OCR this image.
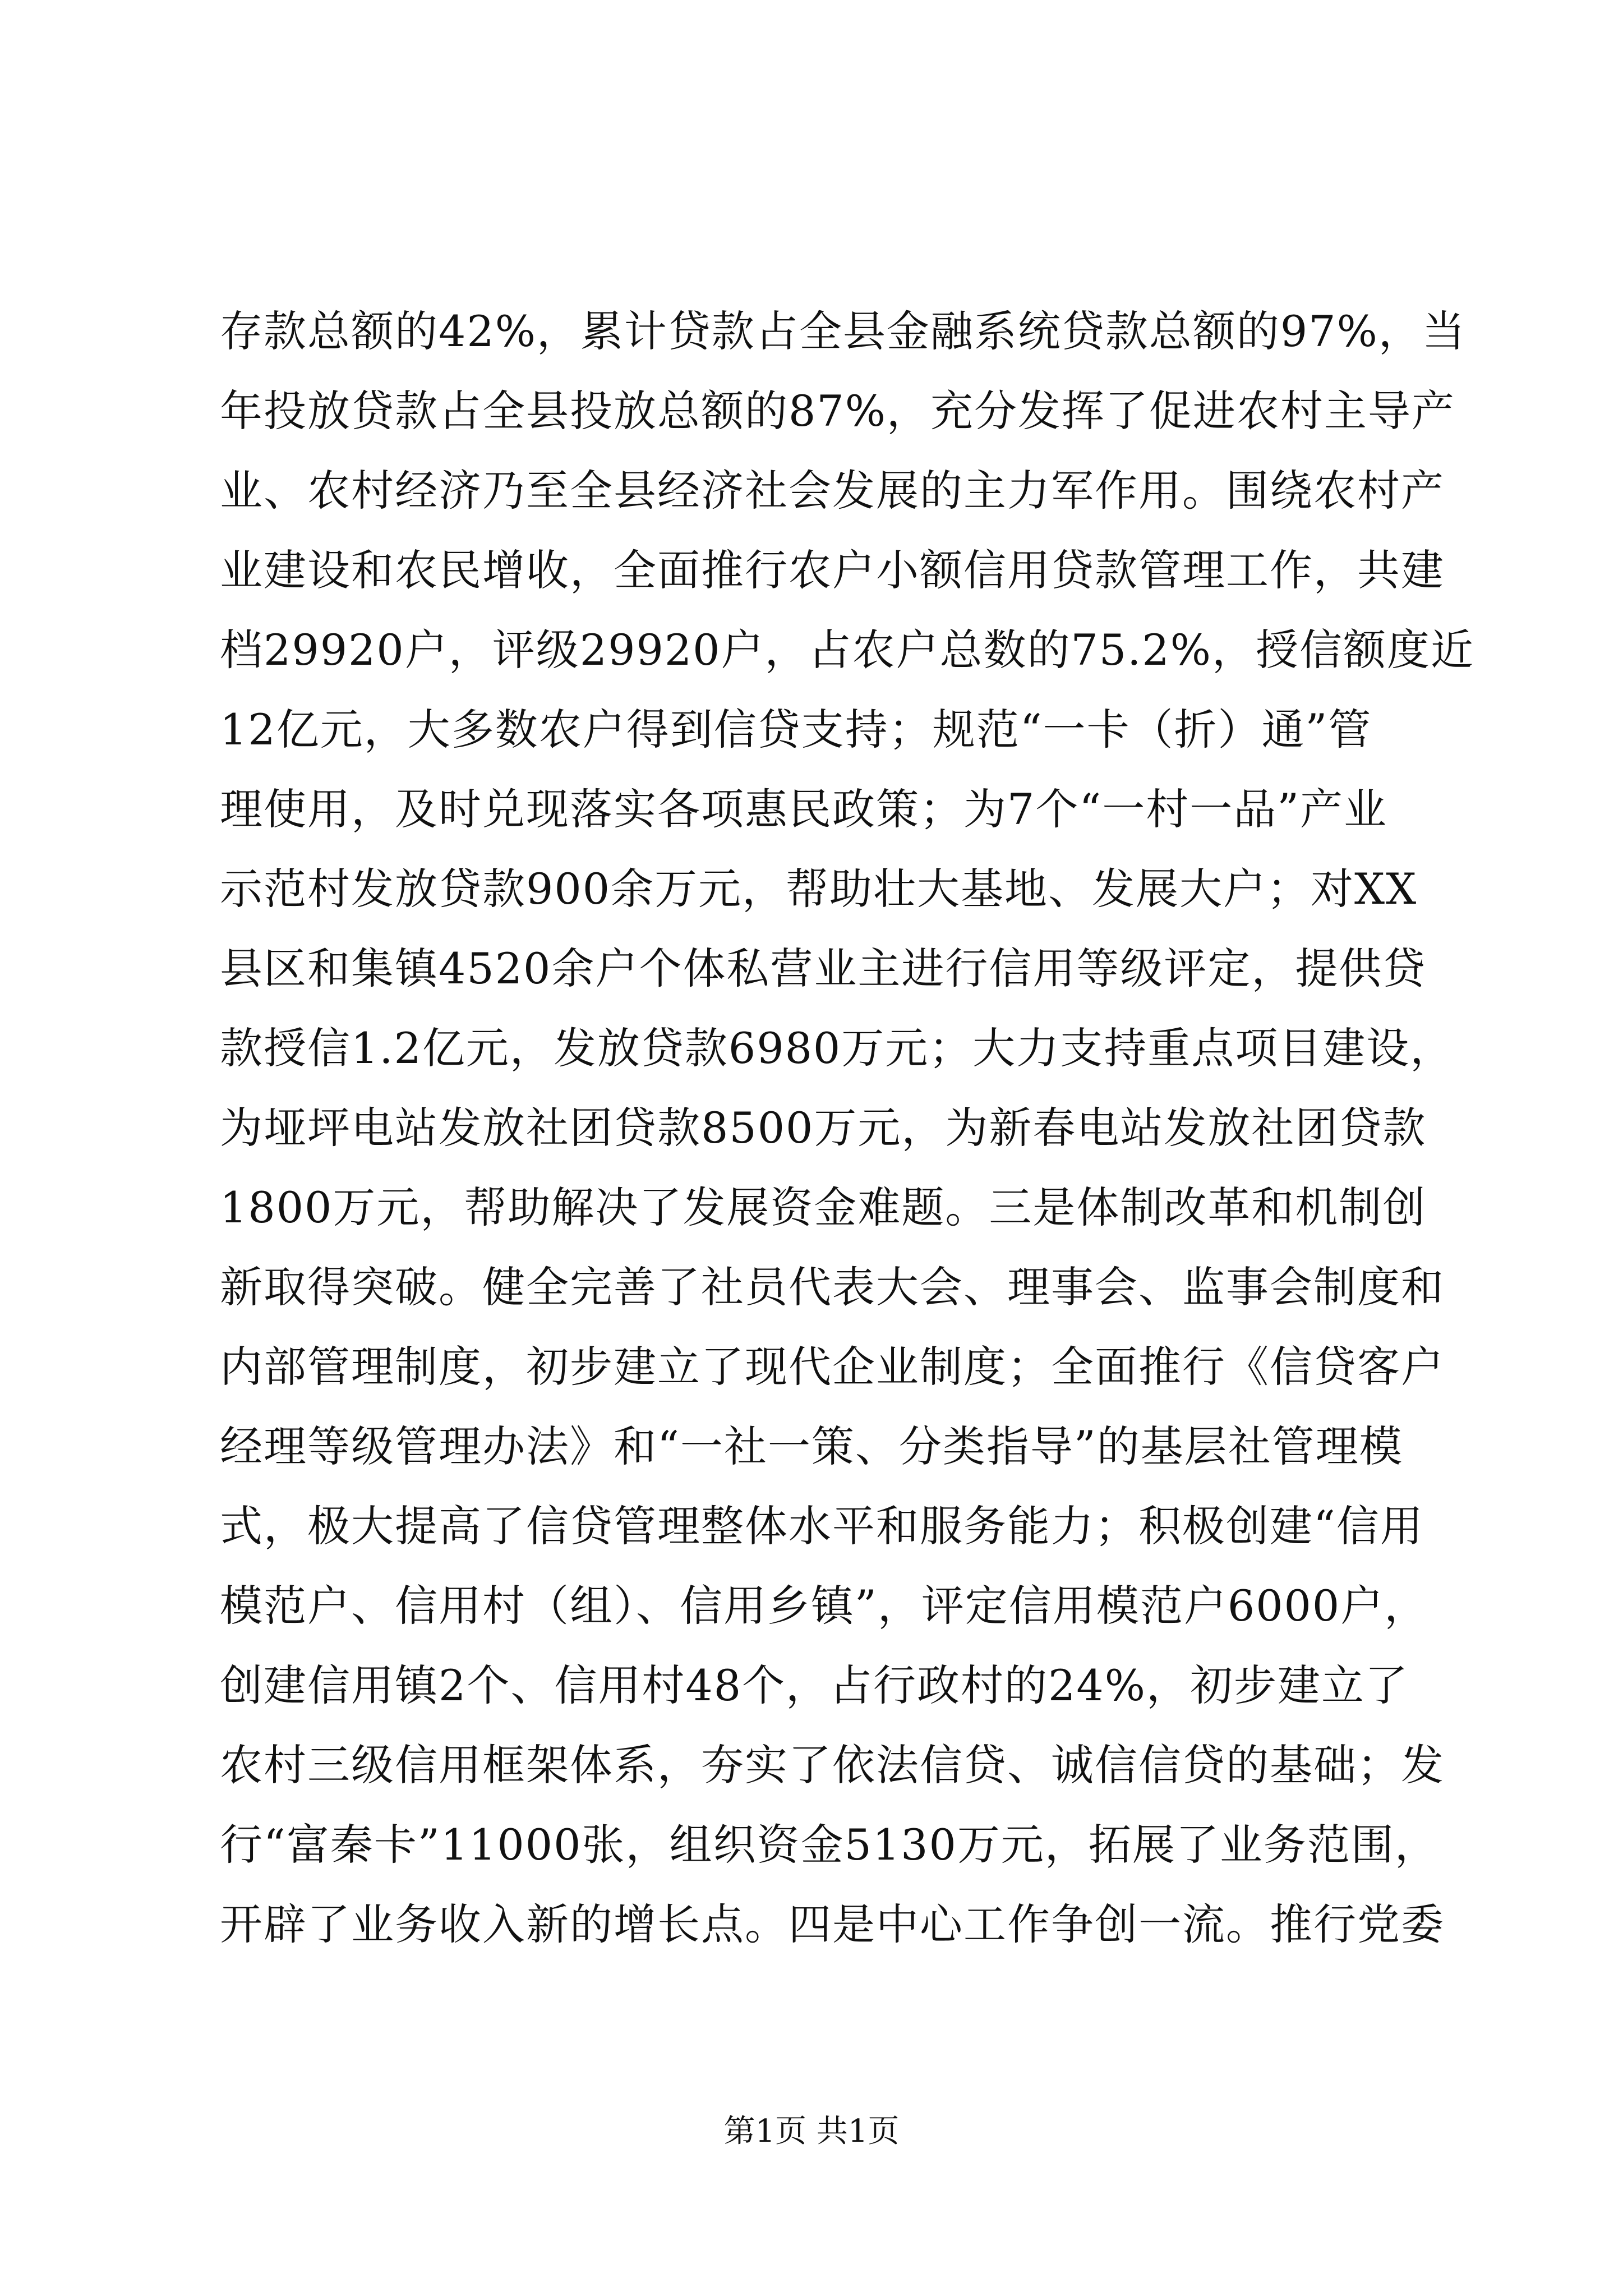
存款总额的42%，累计贷款占全县金融系统贷款总额的97%，当
年投放贷款占全县投放总额的87%，充分发挥了促进农村主导产
业、农村经济乃至全县经济社会发展的主力军作用。围绕农村产
业建设和农民增收，全面推行农户小额信用贷款管理工作，共建
档29920户，评级29920户，占农户总数的75.2%，授信额度近
12亿元，大多数农户得到信贷支持；规范“一卡（折）通”管
理使用，及时兑现落实各项惠民政策；为7个“一村一品”产业
示范村发放贷款900余万元，帮助壮大基地、发展大户；对XX
县区和集镇4520余户个体私营业主进行信用等级评定，提供贷
款授信1.2亿元，发放贷款6980万元；大力支持重点项目建设，
为垭坪电站发放社团贷款8500万元，为新春电站发放社团贷款
1800万元，帮助解决了发展资金难题。三是体制改革和机制创
新取得突破。健全完善了社员代表大会、理事会、监事会制度和
内部管理制度，初步建立了现代企业制度；全面推行《信贷客户
经理等级管理办法》和“一社一策、分类指导”的基层社管理模
式，极大提高了信贷管理整体水平和服务能力；积极创建“信用
模范户、信用村（组）、信用乡镇”，评定信用模范户6000户，
创建信用镇2个、信用村48个，占行政村的24%，初步建立了
农村三级信用框架体系，夯实了依法信贷、诚信信贷的基础；发
行“富秦卡”11000张，组织资金5130万元，拓展了业务范围，
开辟了业务收入新的增长点。四是中心工作争创一流。推行党委
第1页 共1页
